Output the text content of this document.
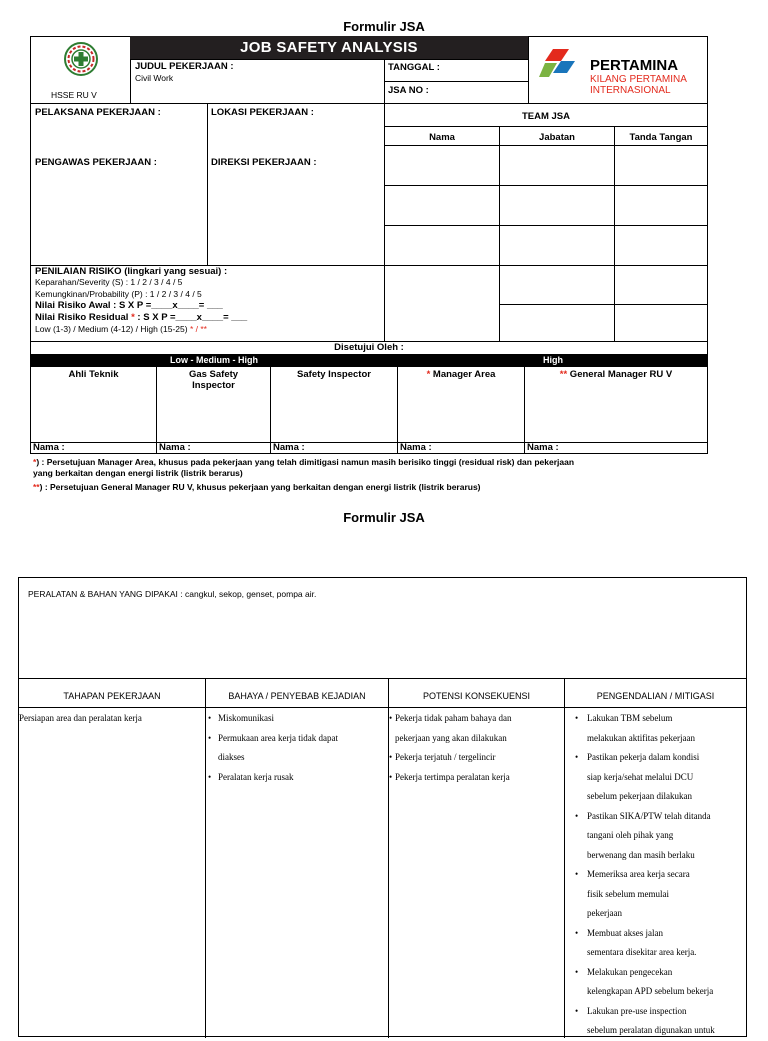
Formulir JSA
HSSE RU V
JOB SAFETY ANALYSIS
JUDUL PEKERJAAN :
Civil Work
TANGGAL :
JSA NO :
PERTAMINA
KILANG PERTAMINA
INTERNASIONAL
PELAKSANA PEKERJAAN :
PENGAWAS PEKERJAAN :
LOKASI PEKERJAAN :
DIREKSI PEKERJAAN :
TEAM JSA
Nama	Jabatan	Tanda Tangan
PENILAIAN RISIKO (lingkari yang sesuai) :
Keparahan/Severity (S) : 1 / 2 / 3 / 4 / 5
Kemungkinan/Probability (P) : 1 / 2 / 3 / 4 / 5
Nilai Risiko Awal : S X P =____x____= ___
Nilai Risiko Residual * : S X P =____x____= ___
Low (1-3) / Medium (4-12) / High (15-25) * / **
Disetujui Oleh :
Low - Medium - High	High
Ahli Teknik	Gas Safety
Inspector
Safety Inspector	* Manager Area	** General Manager RU V
Nama :	Nama :	Nama :	Nama :	Nama :
*) : Persetujuan Manager Area, khusus pada pekerjaan yang telah dimitigasi namun masih berisiko tinggi (residual risk) dan pekerjaan
yang berkaitan dengan energi listrik (listrik berarus)
**) : Persetujuan General Manager RU V, khusus pekerjaan yang berkaitan dengan energi listrik (listrik berarus)
Formulir JSA
PERALATAN & BAHAN YANG DIPAKAI : cangkul, sekop, genset, pompa air.
TAHAPAN PEKERJAAN	BAHAYA / PENYEBAB KEJADIAN	POTENSI KONSEKUENSI	PENGENDALIAN / MITIGASI
Persiapan area dan peralatan kerja
•	Miskomunikasi
• Permukaan area kerja tidak dapat
diakses
• Peralatan kerja rusak
• Pekerja tidak paham bahaya dan
pekerjaan yang akan dilakukan
• Pekerja terjatuh / tergelincir
• Pekerja tertimpa peralatan kerja
• Lakukan TBM sebelum
melakukan aktifitas pekerjaan
• Pastikan pekerja dalam kondisi
siap kerja/sehat melalui DCU
sebelum pekerjaan dilakukan
• Pastikan SIKA/PTW telah ditanda
tangani oleh pihak yang
berwenang dan masih berlaku
• Memeriksa area kerja secara
fisik sebelum memulai
pekerjaan
• Membuat akses jalan
sementara disekitar area kerja.
• Melakukan pengecekan
kelengkapan APD sebelum bekerja
• Lakukan pre-use inspection
sebelum peralatan digunakan untuk
